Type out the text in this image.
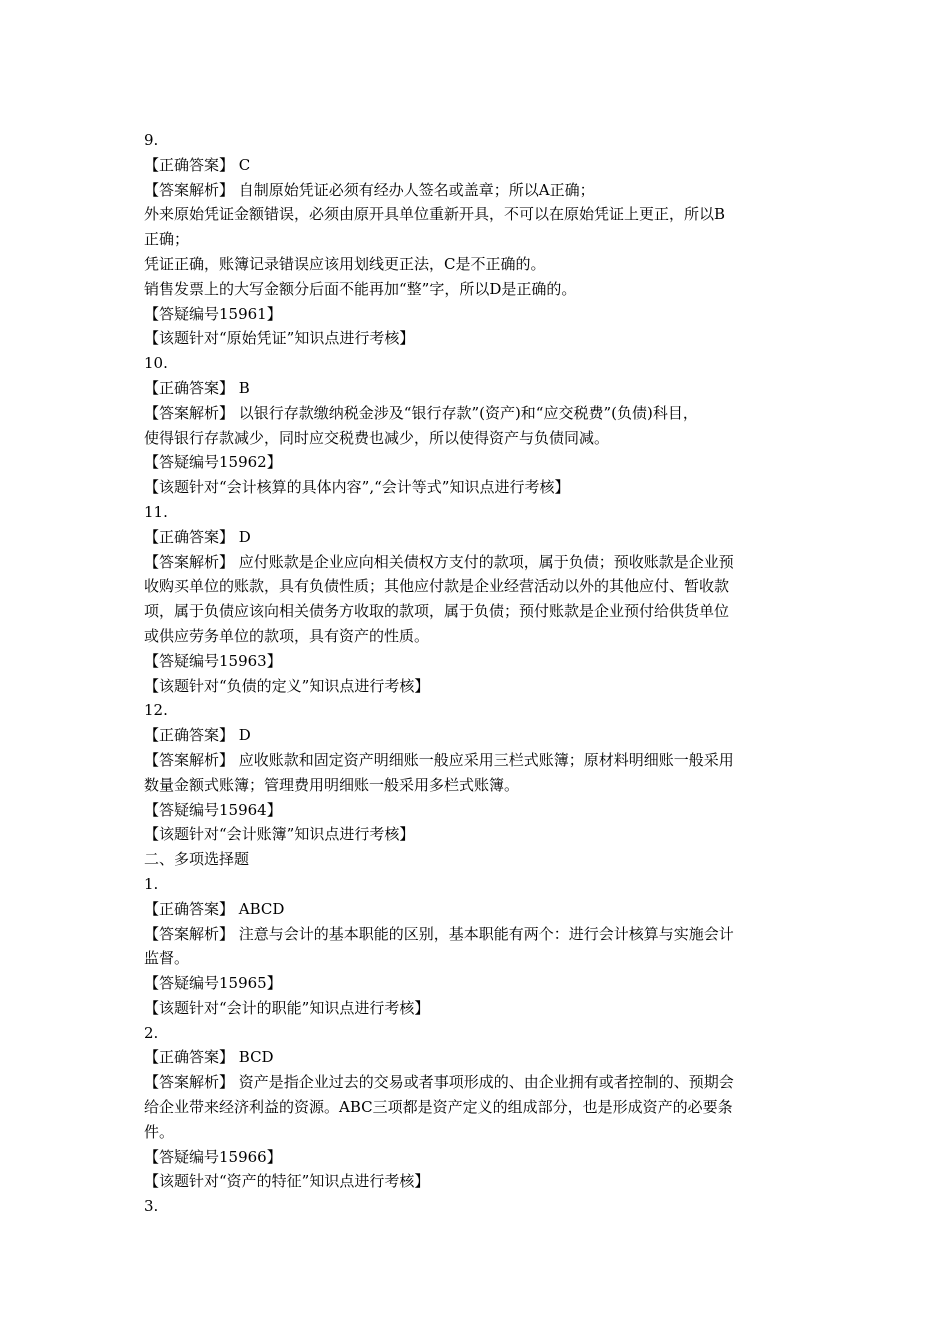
9.
【正确答案】 C
【答案解析】 自制原始凭证必须有经办人签名或盖章；所以A正确；
外来原始凭证金额错误，必须由原开具单位重新开具，不可以在原始凭证上更正，所以B
正确；
凭证正确，账簿记录错误应该用划线更正法，C是不正确的。
销售发票上的大写金额分后面不能再加“整”字，所以D是正确的。
【答疑编号15961】
【该题针对“原始凭证”知识点进行考核】
10.
【正确答案】 B
【答案解析】 以银行存款缴纳税金涉及“银行存款”(资产)和“应交税费”(负债)科目，
使得银行存款减少，同时应交税费也减少，所以使得资产与负债同减。
【答疑编号15962】
【该题针对“会计核算的具体内容”,“会计等式”知识点进行考核】
11.
【正确答案】 D
【答案解析】 应付账款是企业应向相关债权方支付的款项，属于负债；预收账款是企业预
收购买单位的账款，具有负债性质；其他应付款是企业经营活动以外的其他应付、暂收款
项，属于负债应该向相关债务方收取的款项，属于负债；预付账款是企业预付给供货单位
或供应劳务单位的款项，具有资产的性质。
【答疑编号15963】
【该题针对“负债的定义”知识点进行考核】
12.
【正确答案】 D
【答案解析】 应收账款和固定资产明细账一般应采用三栏式账簿；原材料明细账一般采用
数量金额式账簿；管理费用明细账一般采用多栏式账簿。
【答疑编号15964】
【该题针对“会计账簿”知识点进行考核】
二、多项选择题
1.
【正确答案】 ABCD
【答案解析】 注意与会计的基本职能的区别，基本职能有两个：进行会计核算与实施会计
监督。
【答疑编号15965】
【该题针对“会计的职能”知识点进行考核】
2.
【正确答案】 BCD
【答案解析】 资产是指企业过去的交易或者事项形成的、由企业拥有或者控制的、预期会
给企业带来经济利益的资源。ABC三项都是资产定义的组成部分，也是形成资产的必要条
件。
【答疑编号15966】
【该题针对“资产的特征”知识点进行考核】
3.
